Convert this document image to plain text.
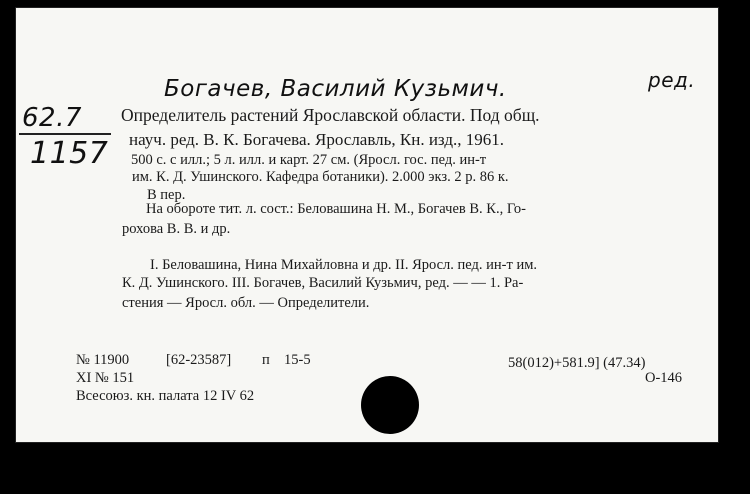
Богачев, Василий Кузьмич.	ред.
62.7
1157
Определитель растений Ярославской области. Под общ.
науч. ред. В. К. Богачева. Ярославль, Кн. изд., 1961.
500 с. с илл.; 5 л. илл. и карт. 27 см. (Яросл. гос. пед. ин-т
им. К. Д. Ушинского. Кафедра ботаники). 2.000 экз. 2 р. 86 к.
В пер.
На обороте тит. л. сост.: Беловашина Н. М., Богачев В. К., Го-
рохова В. В. и др.
I. Беловашина, Нина Михайловна и др. II. Яросл. пед. ин-т им.
К. Д. Ушинского. III. Богачев, Василий Кузьмич, ред. — — 1. Ра-
стения — Яросл. обл. — Определители.
№ 11900	[62-23587] п 15-5
XI № 151
Всесоюз. кн. палата 12 IV 62
58(012)+581.9] (47.34)
О-146
